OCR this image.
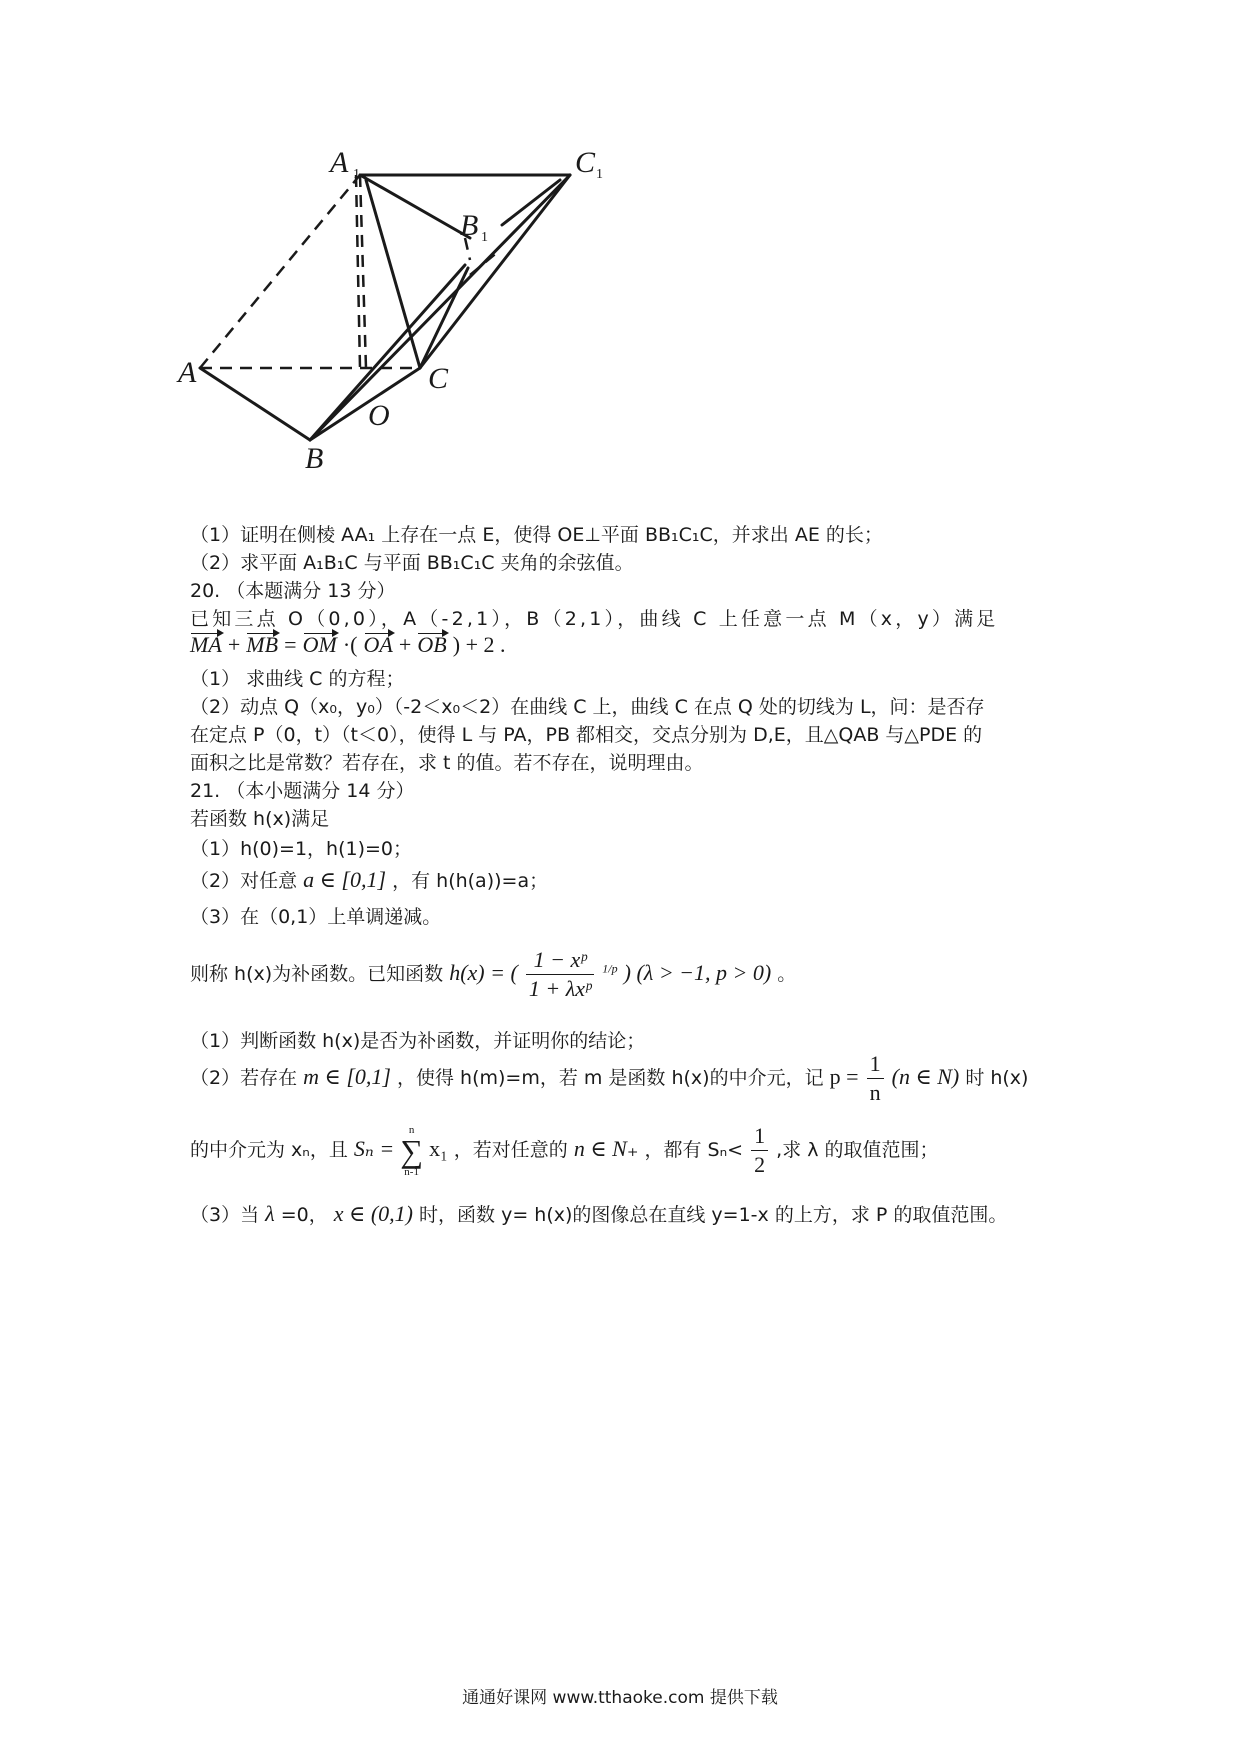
A 1	C 1
B 1
A
B
C
O
（1）证明在侧棱 AA₁ 上存在一点 E，使得 OE⊥平面 BB₁C₁C，并求出 AE 的长；
（2）求平面 A₁B₁C 与平面 BB₁C₁C 夹角的余弦值。
20. （本题满分 13 分）
已知三点 O（0,0），A（-2,1），B（2,1），曲线 C 上任意一点 M（x，y）满足
MA + MB = OM ·( OA + OB ) + 2 .
（1） 求曲线 C 的方程；
（2）动点 Q（x₀，y₀）（-2＜x₀＜2）在曲线 C 上，曲线 C 在点 Q 处的切线为 L，问：是否存
在定点 P（0，t）（t＜0），使得 L 与 PA，PB 都相交，交点分别为 D,E，且△QAB 与△PDE 的
面积之比是常数？若存在，求 t 的值。若不存在，说明理由。
21. （本小题满分 14 分）
若函数 h(x)满足
（1）h(0)=1，h(1)=0；
（2）对任意 a ∈ [0,1] ，有 h(h(a))=a；
（3）在（0,1）上单调递减。
则称 h(x)为补函数。已知函数 h(x) = ( $\frac{\text{1 − xᵖ}}{\text{1 + λxᵖ}} ^{1/p}$ ) (λ > −1, p > 0) 。
（1）判断函数 h(x)是否为补函数，并证明你的结论；
（2）若存在 m ∈ [0,1] ，使得 h(m)=m，若 m 是函数 h(x)的中介元，记 $p = \frac{1}{n} (n$ ∈ N) 时 h(x)
的中介元为 xₙ，且 Sₙ =
n
∑
n-1
x₁ ，若对任意的 n ∈ N₊ ，都有 $S_n< \frac{1}{2}$ ,求 λ 的取值范围；
（3）当 λ =0， x ∈ (0,1) 时，函数 y= h(x)的图像总在直线 y=1-x 的上方，求 P 的取值范围。
通通好课网 www.tthaoke.com 提供下载
